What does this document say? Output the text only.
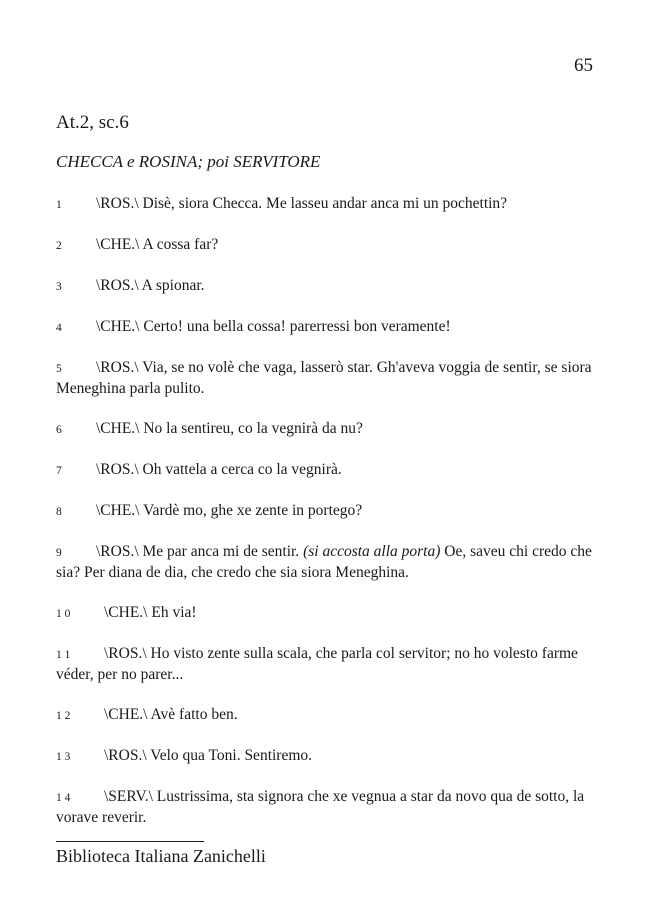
65
At.2, sc.6
CHECCA e ROSINA; poi SERVITORE

1 \ROS.\ Disè, siora Checca. Me lasseu andar anca mi un pochettin?

2 \CHE.\ A cossa far?

3 \ROS.\ A spionar.

4 \CHE.\ Certo! una bella cossa! parerressi bon veramente!

5 \ROS.\ Via, se no volè che vaga, lasserò star. Gh'aveva voggia de sentir, se siora Meneghina parla pulito.

6 \CHE.\ No la sentireu, co la vegnirà da nu?

7 \ROS.\ Oh vattela a cerca co la vegnirà.

8 \CHE.\ Vardè mo, ghe xe zente in portego?

9 \ROS.\ Me par anca mi de sentir. (si accosta alla porta) Oe, saveu chi credo che sia? Per diana de dia, che credo che sia siora Meneghina.

1 0 \CHE.\ Eh via!

1 1 \ROS.\ Ho visto zente sulla scala, che parla col servitor; no ho volesto farme véder, per no parer...

1 2 \CHE.\ Avè fatto ben.

1 3 \ROS.\ Velo qua Toni. Sentiremo.

1 4 \SERV.\ Lustrissima, sta signora che xe vegnua a star da novo qua de sotto, la vorave reverir.

Biblioteca Italiana Zanichelli
